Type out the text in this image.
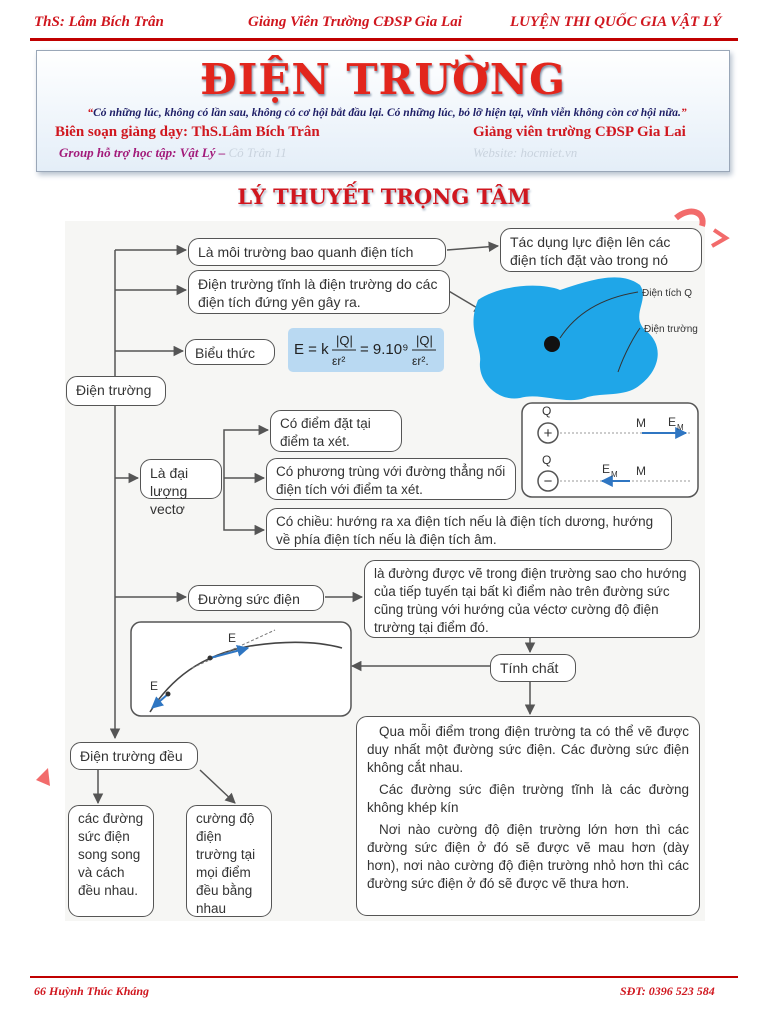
ThS: Lâm Bích Trân	Giảng Viên Trường CĐSP Gia Lai	LUYỆN THI QUỐC GIA VẬT LÝ
ĐIỆN TRƯỜNG
“Có những lúc, không có lần sau, không có cơ hội bắt đầu lại. Có những lúc, bỏ lỡ hiện tại, vĩnh viễn không còn cơ hội nữa.”
Biên soạn giảng dạy: ThS.Lâm Bích Trân	Giảng viên trường CĐSP Gia Lai
Group hỗ trợ học tập: Vật Lý – Cô Trân 11	Website: hocmiet.vn
LÝ THUYẾT TRỌNG TÂM
Điện tích Q
Điện trường
Q
+
M E M
Q
−
E M M
E
E
Là môi trường bao quanh điện tích
Tác dụng lực điện lên các điện tích đặt vào trong nó
Điện trường tĩnh là điện trường do các điện tích đứng yên gây ra.
Biểu thức	E = k
|Q|
εr²
= 9.10⁹
|Q|
εr².
Điện trường
Là đại lượng vectơ
Có điểm đặt tại điểm ta xét.
Có phương trùng với đường thẳng nối điện tích với điểm ta xét.
Có chiều: hướng ra xa điện tích nếu là điện tích dương, hướng về phía điện tích nếu là điện tích âm.
Đường sức điện
là đường được vẽ trong điện trường sao cho hướng của tiếp tuyến tại bất kì điểm nào trên đường sức cũng trùng với hướng của véctơ cường độ điện trường tại điểm đó.
Tính chất
Qua mỗi điểm trong điện trường ta có thể vẽ được duy nhất một đường sức điện. Các đường sức điện không cắt nhau.
Các đường sức điện trường tĩnh là các đường không khép kín
Nơi nào cường độ điện trường lớn hơn thì các đường sức điện ở đó sẽ được vẽ mau hơn (dày hơn), nơi nào cường độ điện trường nhỏ hơn thì các đường sức điện ở đó sẽ được vẽ thưa hơn.
Điện trường đều
các đường sức điện song song và cách đều nhau.
cường độ điện trường tại mọi điểm đều bằng nhau
66 Huỳnh Thúc Kháng	SĐT: 0396 523 584
